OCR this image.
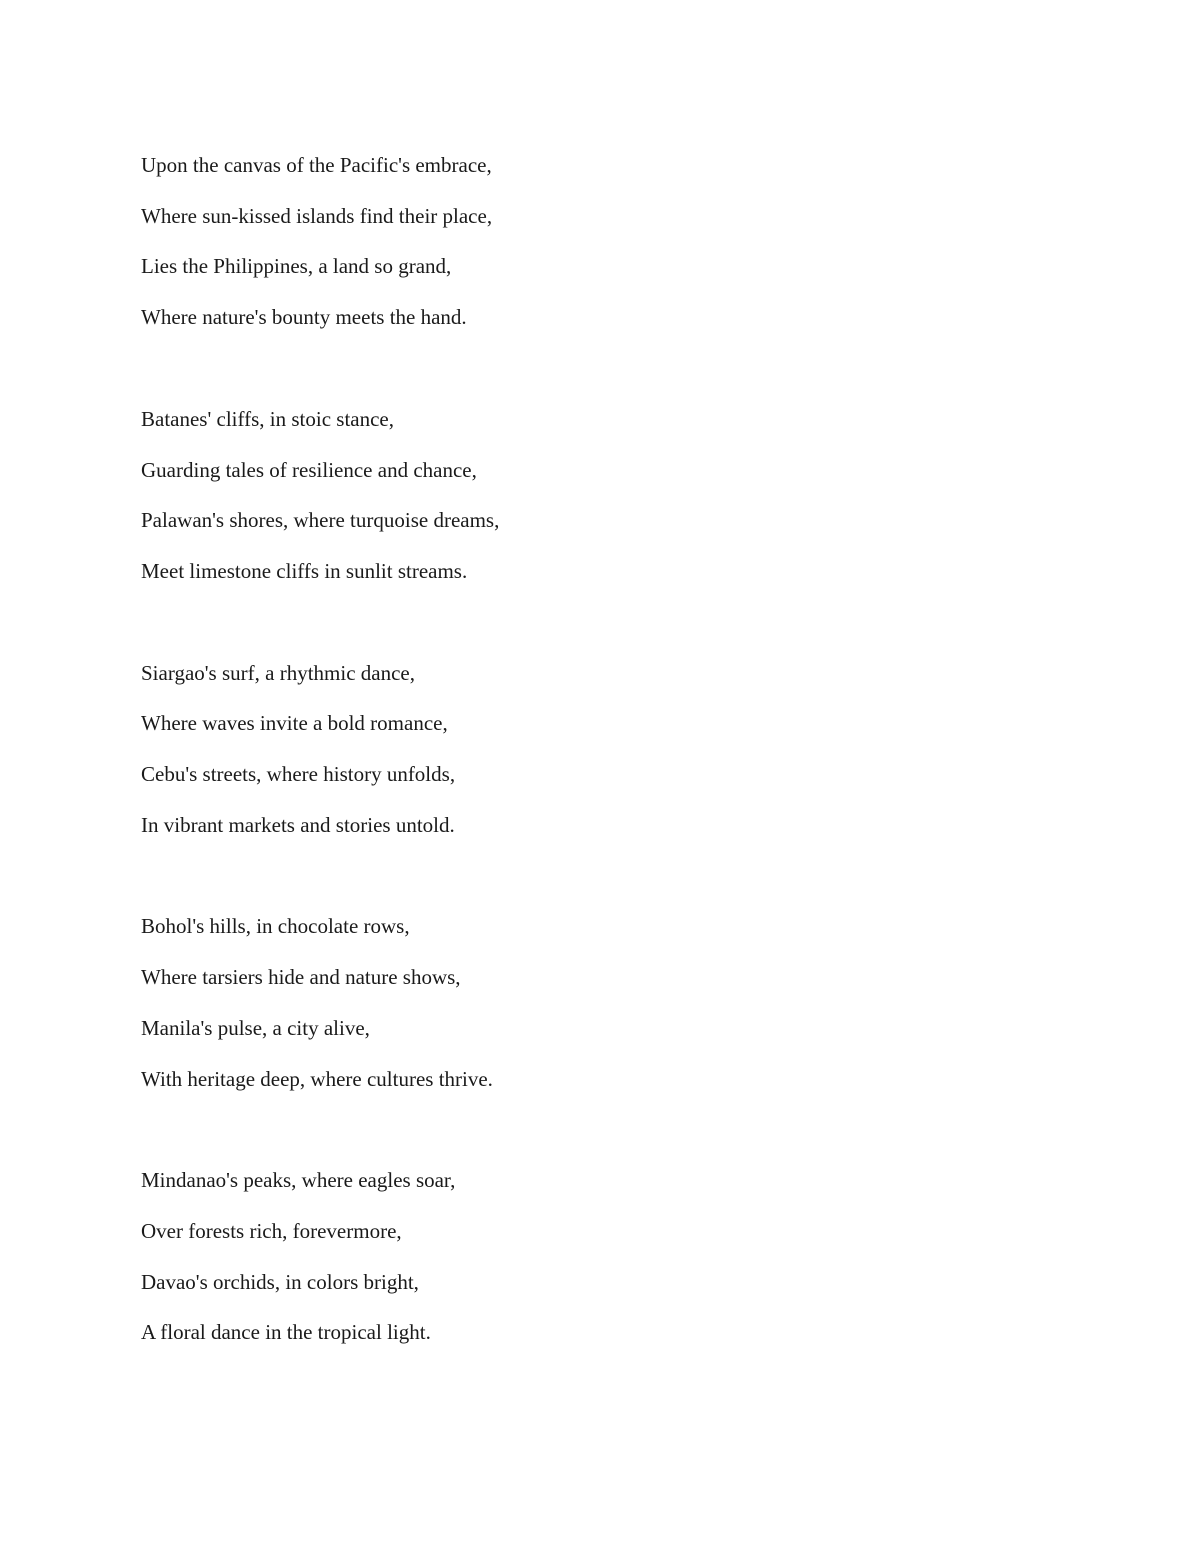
Upon the canvas of the Pacific's embrace,

Where sun-kissed islands find their place,

Lies the Philippines, a land so grand,

Where nature's bounty meets the hand.

Batanes' cliffs, in stoic stance,

Guarding tales of resilience and chance,

Palawan's shores, where turquoise dreams,

Meet limestone cliffs in sunlit streams.

Siargao's surf, a rhythmic dance,

Where waves invite a bold romance,

Cebu's streets, where history unfolds,

In vibrant markets and stories untold.

Bohol's hills, in chocolate rows,

Where tarsiers hide and nature shows,

Manila's pulse, a city alive,

With heritage deep, where cultures thrive.

Mindanao's peaks, where eagles soar,

Over forests rich, forevermore,

Davao's orchids, in colors bright,

A floral dance in the tropical light.
